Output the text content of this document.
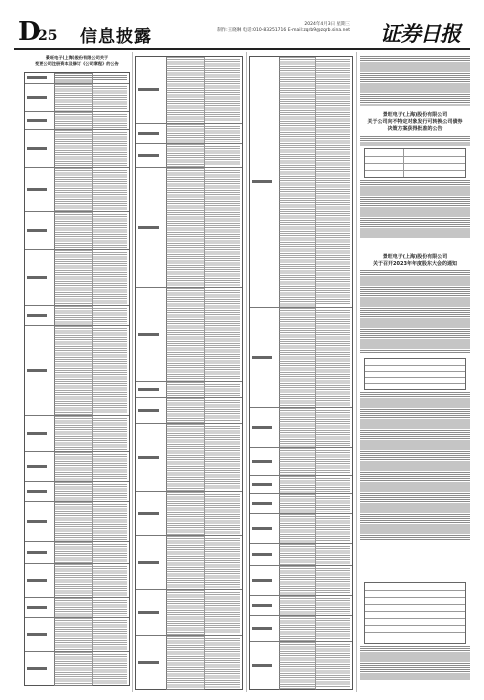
D
25 信息披露
2024年4月3日 星期三
制作:王晓琳 电话:010-83251716 E-mail:zqrb9@zqrb.sina.net 证券日报
景旺电子(上海)股份有限公司关于
变更公司注册资本及修订《公司章程》的公告
景旺电子(上海)股份有限公司
关于公司向不特定对象发行可转换公司债券
决策方案获得批准的公告
景旺电子(上海)股份有限公司
关于召开2023年年度股东大会的通知
